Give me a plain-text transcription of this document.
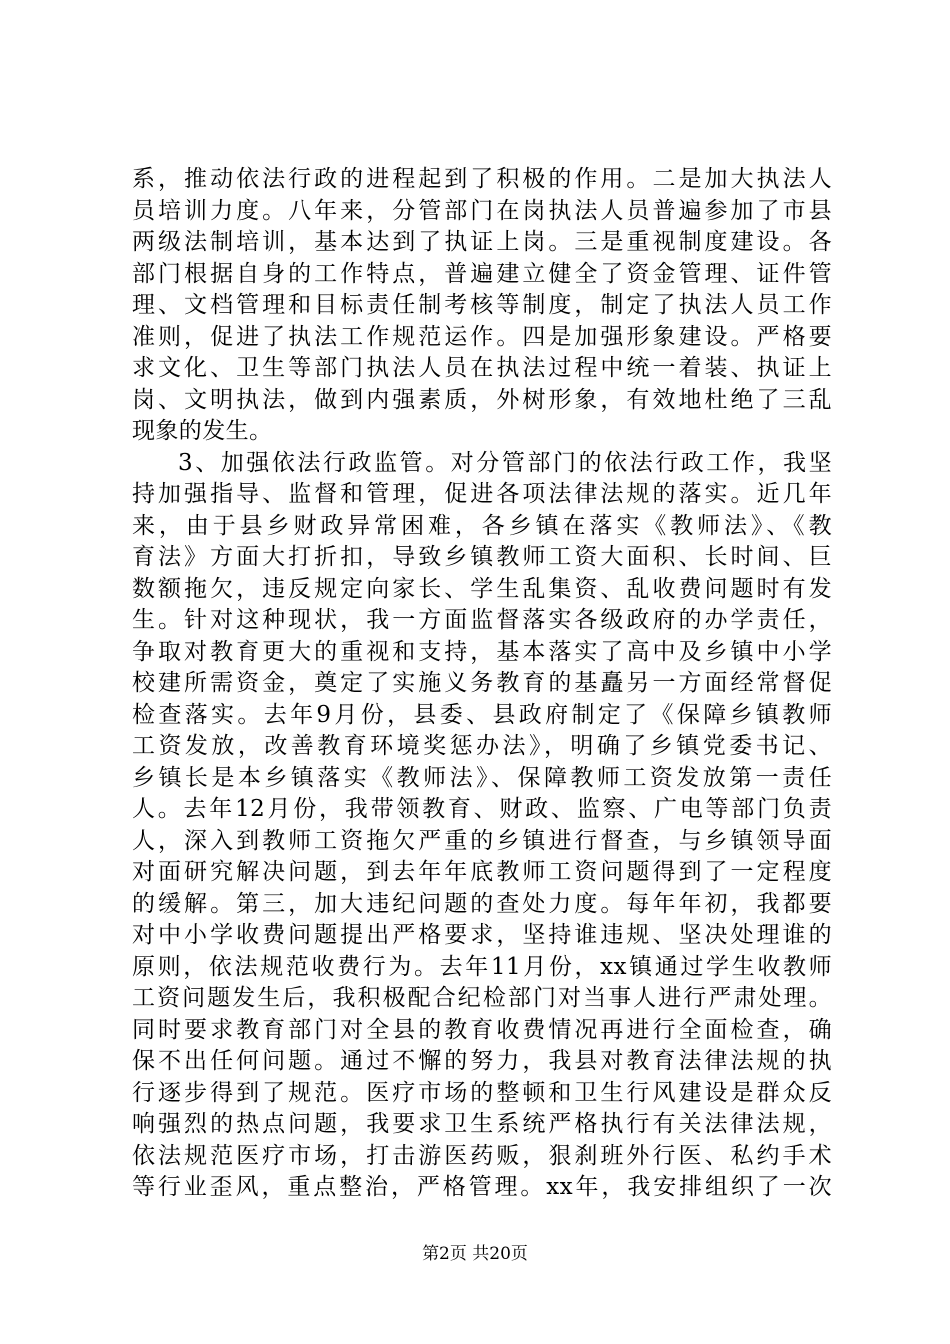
系，推动依法行政的进程起到了积极的作用。二是加大执法人
员培训力度。八年来，分管部门在岗执法人员普遍参加了市县
两级法制培训，基本达到了执证上岗。三是重视制度建设。各
部门根据自身的工作特点，普遍建立健全了资金管理、证件管
理、文档管理和目标责任制考核等制度，制定了执法人员工作
准则，促进了执法工作规范运作。四是加强形象建设。严格要
求文化、卫生等部门执法人员在执法过程中统一着装、执证上
岗、文明执法，做到内强素质，外树形象，有效地杜绝了三乱
现象的发生。
3、加强依法行政监管。对分管部门的依法行政工作，我坚
持加强指导、监督和管理，促进各项法律法规的落实。近几年
来，由于县乡财政异常困难，各乡镇在落实《教师法》、《教
育法》方面大打折扣，导致乡镇教师工资大面积、长时间、巨
数额拖欠，违反规定向家长、学生乱集资、乱收费问题时有发
生。针对这种现状，我一方面监督落实各级政府的办学责任，
争取对教育更大的重视和支持，基本落实了高中及乡镇中小学
校建所需资金，奠定了实施义务教育的基矗另一方面经常督促
检查落实。去年9月份，县委、县政府制定了《保障乡镇教师
工资发放，改善教育环境奖惩办法》，明确了乡镇党委书记、
乡镇长是本乡镇落实《教师法》、保障教师工资发放第一责任
人。去年12月份，我带领教育、财政、监察、广电等部门负责
人，深入到教师工资拖欠严重的乡镇进行督查，与乡镇领导面
对面研究解决问题，到去年年底教师工资问题得到了一定程度
的缓解。第三，加大违纪问题的查处力度。每年年初，我都要
对中小学收费问题提出严格要求，坚持谁违规、坚决处理谁的
原则，依法规范收费行为。去年11月份，xx镇通过学生收教师
工资问题发生后，我积极配合纪检部门对当事人进行严肃处理。
同时要求教育部门对全县的教育收费情况再进行全面检查，确
保不出任何问题。通过不懈的努力，我县对教育法律法规的执
行逐步得到了规范。医疗市场的整顿和卫生行风建设是群众反
响强烈的热点问题，我要求卫生系统严格执行有关法律法规，
依法规范医疗市场，打击游医药贩，狠刹班外行医、私约手术
等行业歪风，重点整治，严格管理。xx年，我安排组织了一次
第2页 共20页
